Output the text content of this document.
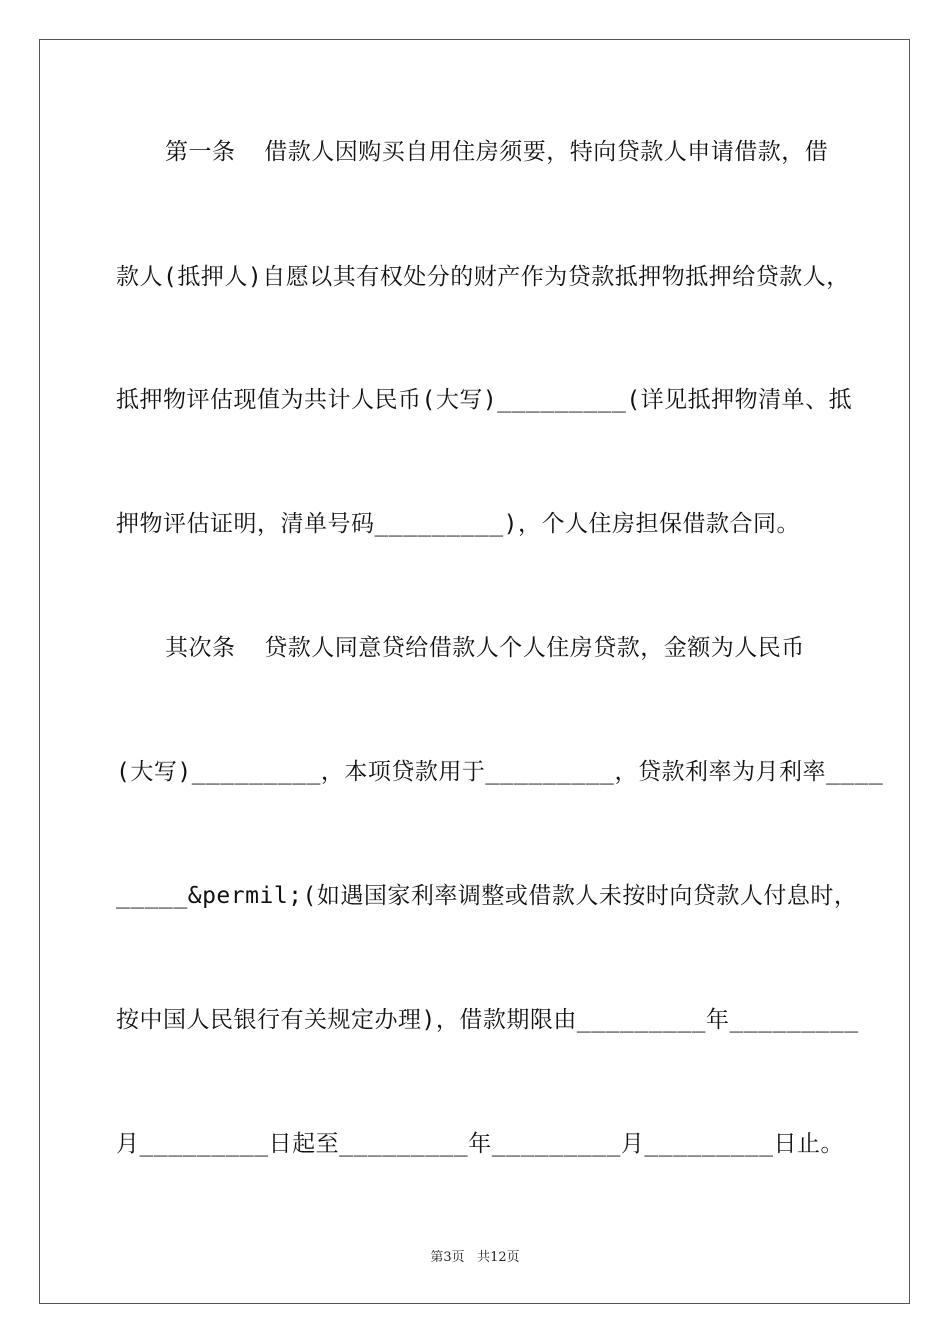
第一条  借款人因购买自用住房须要，特向贷款人申请借款，借
款人(抵押人)自愿以其有权处分的财产作为贷款抵押物抵押给贷款人，
抵押物评估现值为共计人民币(大写)_________(详见抵押物清单、抵
押物评估证明，清单号码_________)，个人住房担保借款合同。
其次条  贷款人同意贷给借款人个人住房贷款，金额为人民币
(大写)_________，本项贷款用于_________，贷款利率为月利率____
_____&permil;(如遇国家利率调整或借款人未按时向贷款人付息时，
按中国人民银行有关规定办理)，借款期限由_________年_________
月_________日起至_________年_________月_________日止。
第3页 共12页
